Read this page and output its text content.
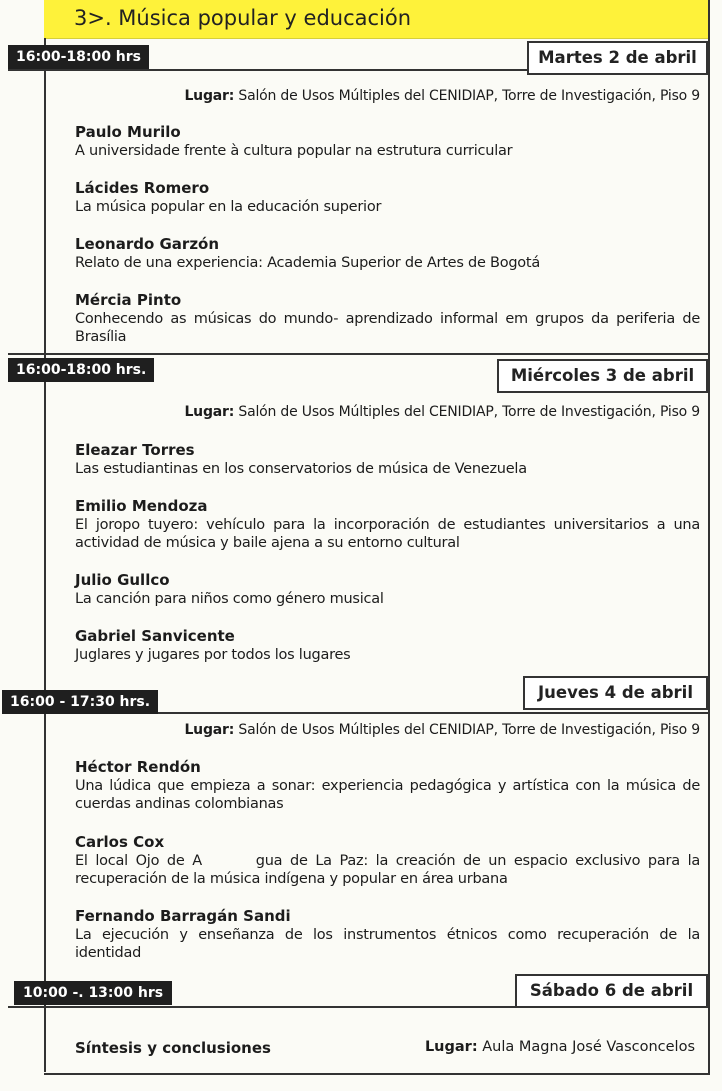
3>. Música popular y educación
16:00-18:00 hrs	Martes 2 de abril
Lugar: Salón de Usos Múltiples del CENIDIAP, Torre de Investigación, Piso 9
Paulo Murilo
A universidade frente à cultura popular na estrutura curricular
Lácides Romero
La música popular en la educación superior
Leonardo Garzón
Relato de una experiencia: Academia Superior de Artes de Bogotá
Mércia Pinto
Conhecendo as músicas do mundo- aprendizado informal em grupos da periferia de Brasília
16:00-18:00 hrs.	Miércoles 3 de abril
Lugar: Salón de Usos Múltiples del CENIDIAP, Torre de Investigación, Piso 9
Eleazar Torres
Las estudiantinas en los conservatorios de música de Venezuela
Emilio Mendoza
El joropo tuyero: vehículo para la incorporación de estudiantes universitarios a una actividad de música y baile ajena a su entorno cultural
Julio Gullco
La canción para niños como género musical
Gabriel Sanvicente
Juglares y jugares por todos los lugares
16:00 - 17:30 hrs.	Jueves 4 de abril
Lugar: Salón de Usos Múltiples del CENIDIAP, Torre de Investigación, Piso 9
Héctor Rendón
Una lúdica que empieza a sonar: experiencia pedagógica y artística con la música de cuerdas andinas colombianas
Carlos Cox
El local Ojo de A       gua de La Paz: la creación de un espacio exclusivo para la recuperación de la música indígena y popular en área urbana
Fernando Barragán Sandi
La ejecución y enseñanza de los instrumentos étnicos como recuperación de la identidad
10:00 -. 13:00 hrs	Sábado 6 de abril
Síntesis y conclusiones	Lugar: Aula Magna José Vasconcelos
